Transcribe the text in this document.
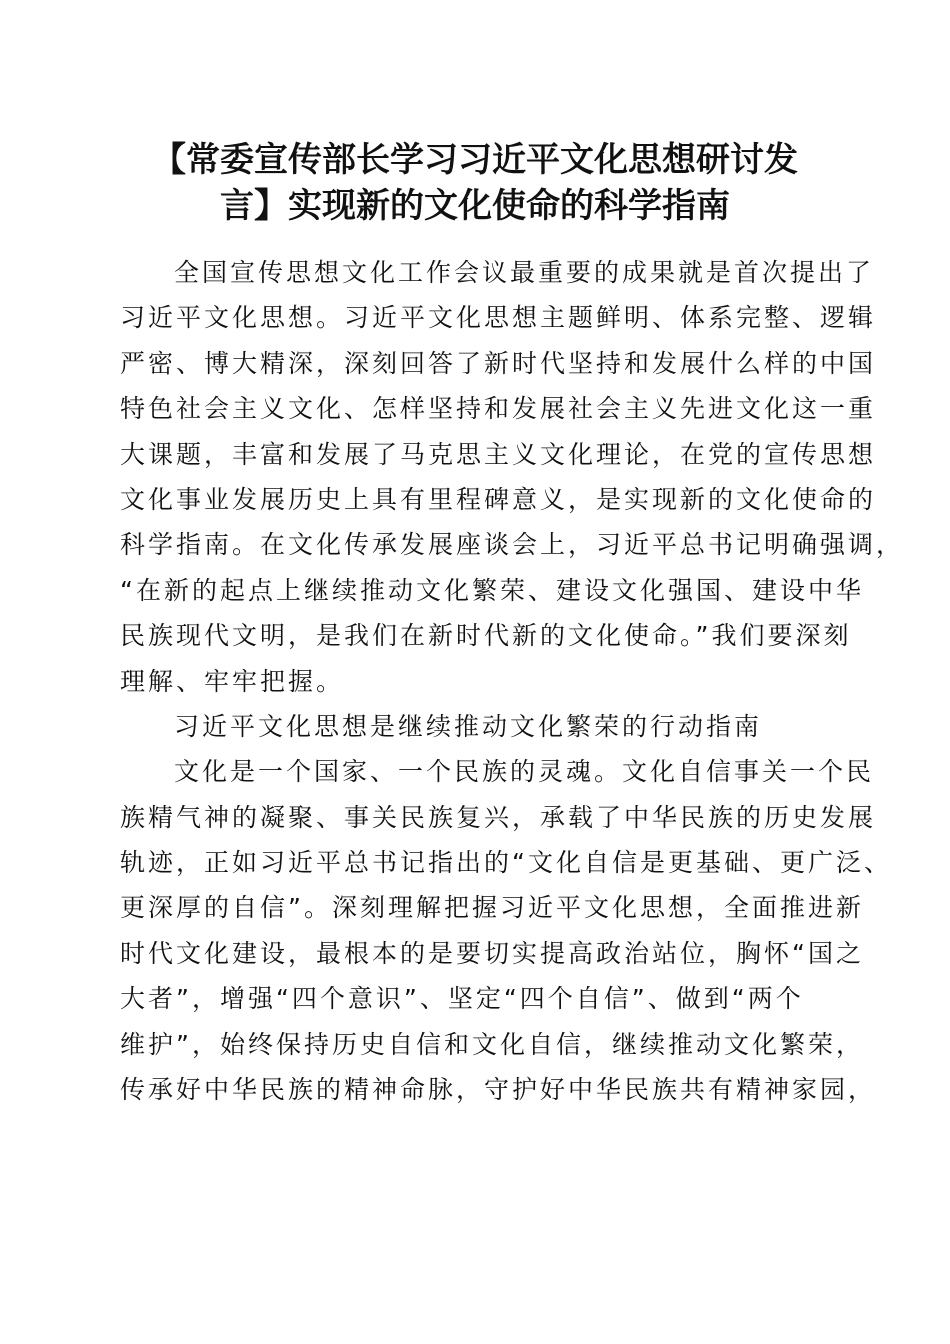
【常委宣传部长学习习近平文化思想研讨发
言】实现新的文化使命的科学指南
全国宣传思想文化工作会议最重要的成果就是首次提出了
习近平文化思想。习近平文化思想主题鲜明、体系完整、逻辑
严密、博大精深，深刻回答了新时代坚持和发展什么样的中国
特色社会主义文化、怎样坚持和发展社会主义先进文化这一重
大课题，丰富和发展了马克思主义文化理论，在党的宣传思想
文化事业发展历史上具有里程碑意义，是实现新的文化使命的
科学指南。在文化传承发展座谈会上，习近平总书记明确强调，
“在新的起点上继续推动文化繁荣、建设文化强国、建设中华
民族现代文明，是我们在新时代新的文化使命。”我们要深刻
理解、牢牢把握。
习近平文化思想是继续推动文化繁荣的行动指南
文化是一个国家、一个民族的灵魂。文化自信事关一个民
族精气神的凝聚、事关民族复兴，承载了中华民族的历史发展
轨迹，正如习近平总书记指出的“文化自信是更基础、更广泛、
更深厚的自信”。深刻理解把握习近平文化思想，全面推进新
时代文化建设，最根本的是要切实提高政治站位，胸怀“国之
大者”，增强“四个意识”、坚定“四个自信”、做到“两个
维护”，始终保持历史自信和文化自信，继续推动文化繁荣，
传承好中华民族的精神命脉，守护好中华民族共有精神家园，
